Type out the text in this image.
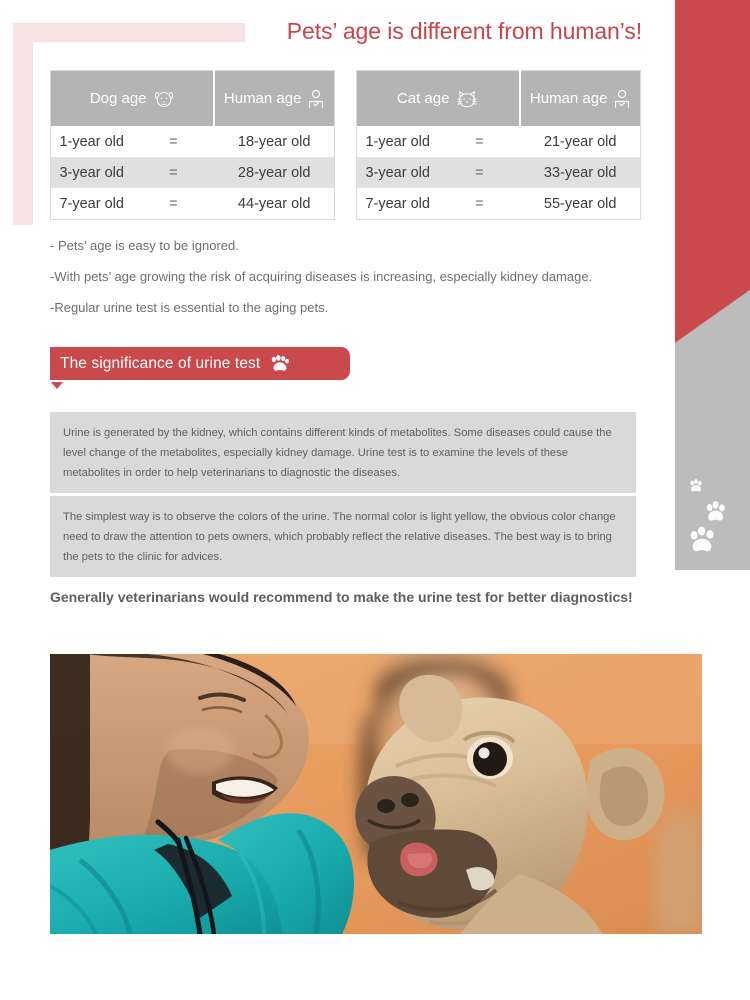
Pets’ age is different from human’s!
Dog age		Human age

1-year old	=	18-year old
3-year old	=	28-year old
7-year old	=	44-year old
Cat age		Human age

1-year old	=	21-year old
3-year old	=	33-year old
7-year old	=	55-year old
- Pets’ age is easy to be ignored.
-With pets’ age growing the risk of acquiring diseases is increasing, especially kidney damage.
-Regular urine test is essential to the aging pets.
The significance of urine test

Urine is generated by the kidney, which contains different kinds of metabolites. Some diseases could cause the level change of the metabolites, especially kidney damage. Urine test is to examine the levels of these metabolites in order to help veterinarians to diagnostic the diseases.

The simplest way is to observe the colors of the urine. The normal color is light yellow, the obvious color change need to draw the attention to pets owners, which probably reflect the relative diseases. The best way is to bring the pets to the clinic for advices.

Generally veterinarians would recommend to make the urine test for better diagnostics!
